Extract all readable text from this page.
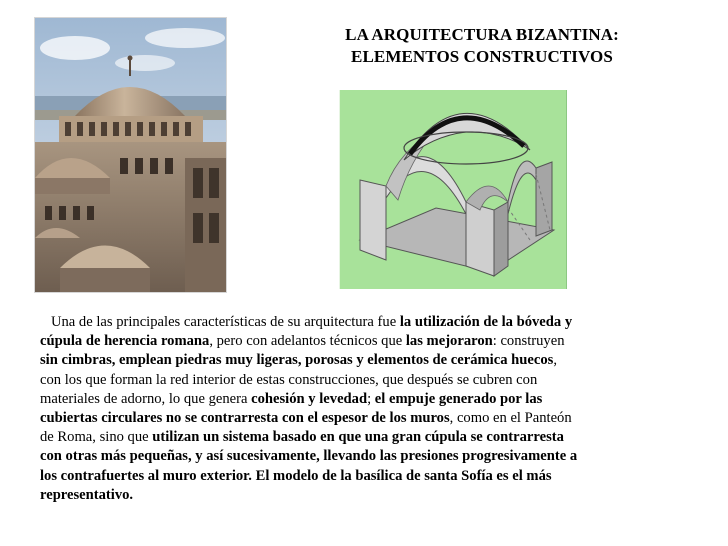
LA ARQUITECTURA BIZANTINA:
ELEMENTOS CONSTRUCTIVOS
Una de las principales características de su arquitectura fue la utilización de la bóveda y
cúpula de herencia romana, pero con adelantos técnicos que las mejoraron: construyen
sin cimbras, emplean piedras muy ligeras, porosas y elementos de cerámica huecos,
con los que forman la red interior de estas construcciones, que después se cubren con
materiales de adorno, lo que genera cohesión y levedad; el empuje generado por las
cubiertas circulares no se contrarresta con el espesor de los muros, como en el Panteón
de Roma, sino que utilizan un sistema basado en que una gran cúpula se contrarresta
con otras más pequeñas, y así sucesivamente, llevando las presiones progresivamente a
los contrafuertes al muro exterior. El modelo de la basílica de santa Sofía es el más
representativo.
